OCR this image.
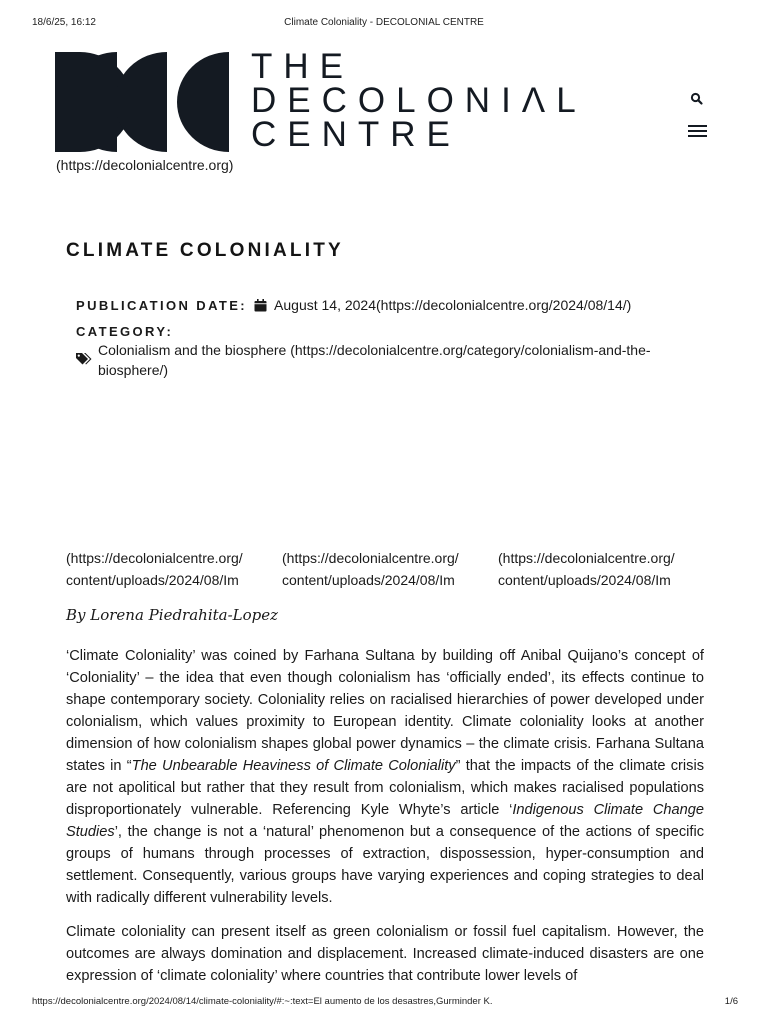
18/6/25, 16:12	Climate Coloniality - DECOLONIAL CENTRE
THE
DECOLONIΛL
CENTRE
(https://decolonialcentre.org)
CLIMATE COLONIALITY
PUBLICATION DATE: August 14, 2024(https://decolonialcentre.org/2024/08/14/)
CATEGORY:
Colonialism and the biosphere (https://decolonialcentre.org/category/colonialism-and-the-biosphere/)
(https://decolonialcentre.org/
content/uploads/2024/08/Im
(https://decolonialcentre.org/
content/uploads/2024/08/Im
(https://decolonialcentre.org/
content/uploads/2024/08/Im
By Lorena Piedrahita-Lopez

‘Climate Coloniality’ was coined by Farhana Sultana by building off Anibal Quijano’s concept of ‘Coloniality’ – the idea that even though colonialism has ‘officially ended’, its effects continue to shape contemporary society. Coloniality relies on racialised hierarchies of power developed under colonialism, which values proximity to European identity. Climate coloniality looks at another dimension of how colonialism shapes global power dynamics – the climate crisis. Farhana Sultana states in “The Unbearable Heaviness of Climate Coloniality” that the impacts of the climate crisis are not apolitical but rather that they result from colonialism, which makes racialised populations disproportionately vulnerable. Referencing Kyle Whyte’s article ‘Indigenous Climate Change Studies’, the change is not a ‘natural’ phenomenon but a consequence of the actions of specific groups of humans through processes of extraction, dispossession, hyper-consumption and settlement. Consequently, various groups have varying experiences and coping strategies to deal with radically different vulnerability levels.

Climate coloniality can present itself as green colonialism or fossil fuel capitalism. However, the outcomes are always domination and displacement. Increased climate-induced disasters are one expression of ‘climate coloniality’ where countries that contribute lower levels of

https://decolonialcentre.org/2024/08/14/climate-coloniality/#:~:text=El aumento de los desastres,Gurminder K.	1/6
